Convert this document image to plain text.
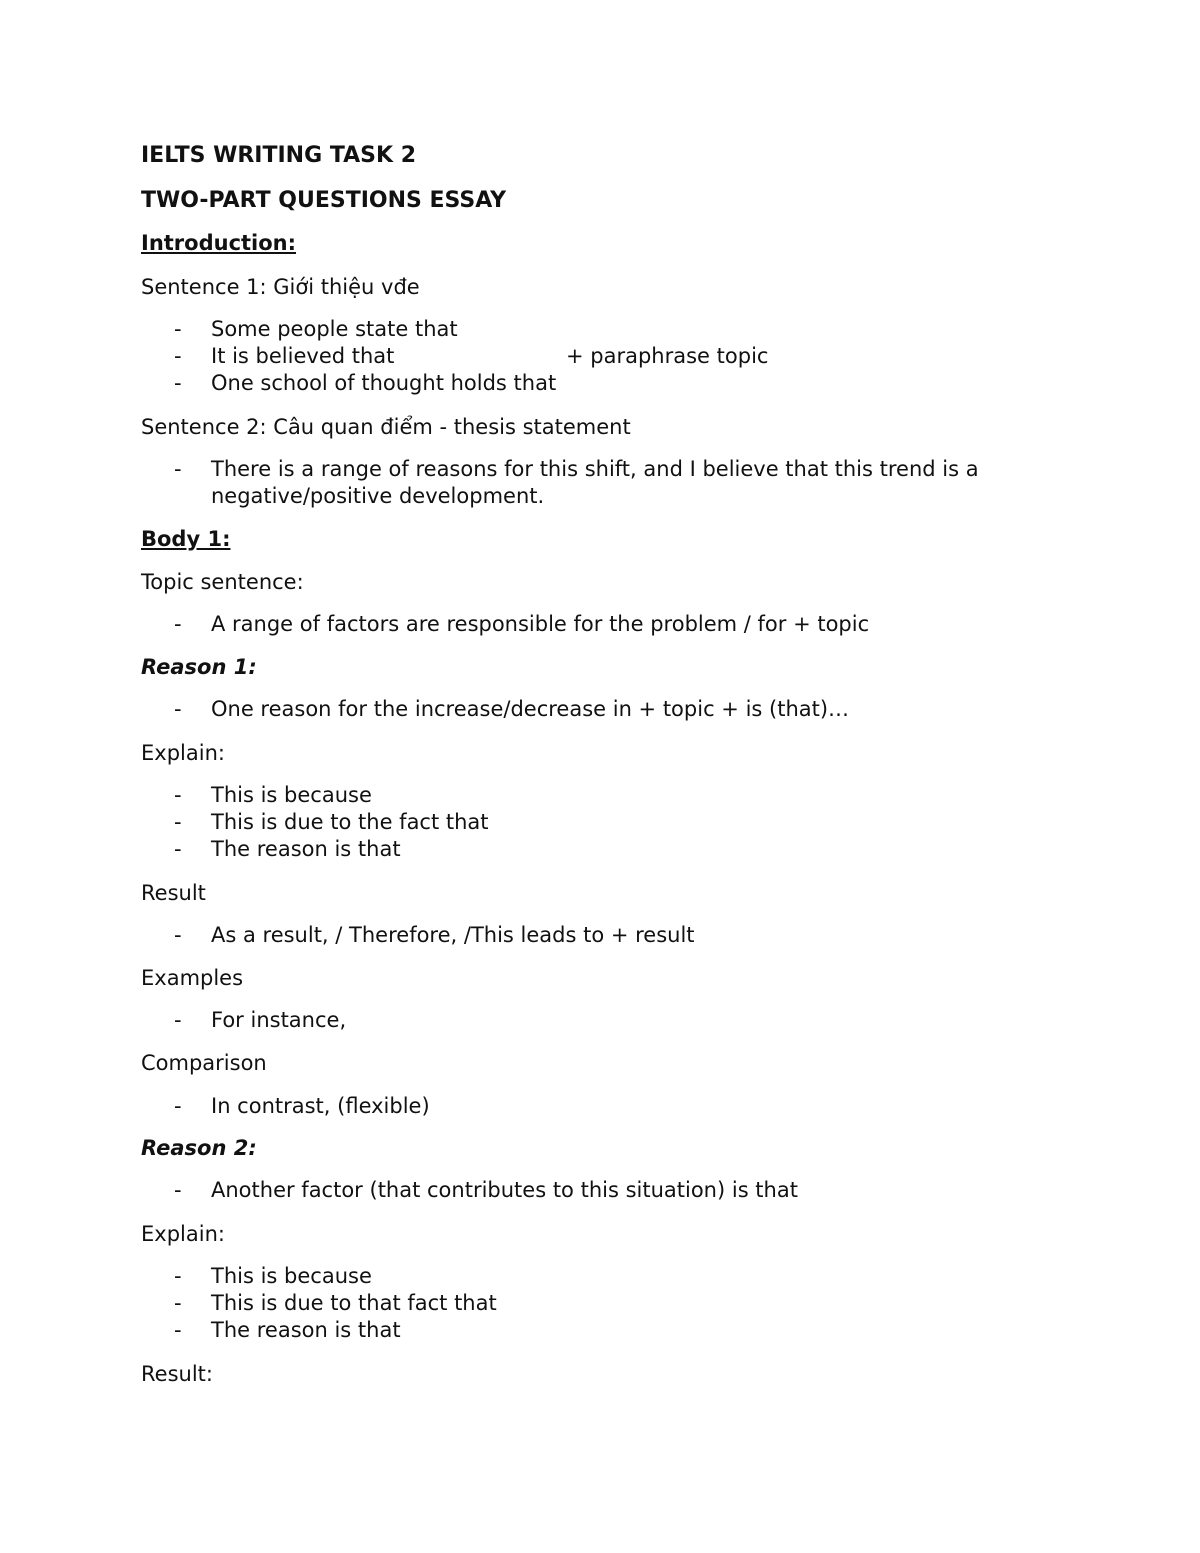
IELTS WRITING TASK 2
TWO-PART QUESTIONS ESSAY
Introduction:
Sentence 1: Giới thiệu vđe
- Some people state that
- It is believed that	+ paraphrase topic
- One school of thought holds that
Sentence 2: Câu quan điểm - thesis statement
- There is a range of reasons for this shift, and I believe that this trend is a
negative/positive development.
Body 1:
Topic sentence:
- A range of factors are responsible for the problem / for + topic
Reason 1:
- One reason for the increase/decrease in + topic + is (that)…
Explain:
- This is because
- This is due to the fact that
- The reason is that
Result
- As a result, / Therefore, /This leads to + result
Examples
- For instance,
Comparison
- In contrast, (flexible)
Reason 2:
- Another factor (that contributes to this situation) is that
Explain:
- This is because
- This is due to that fact that
- The reason is that
Result:
